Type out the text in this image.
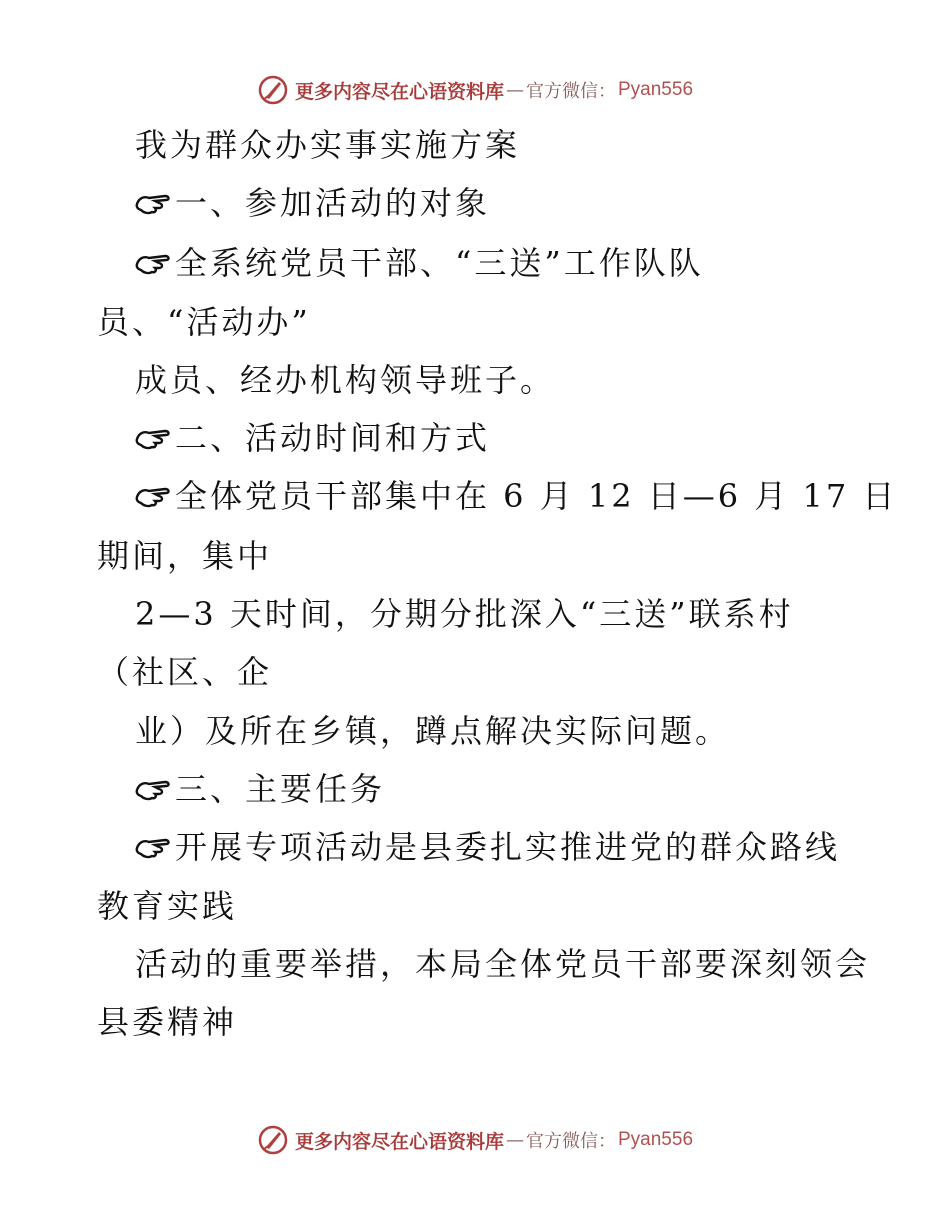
更多内容尽在心语资料库 — 官方微信： Pyan556
我为群众办实事实施方案
一、参加活动的对象
全系统党员干部、“三送”工作队队
员、“活动办”
成员、经办机构领导班子。
二、活动时间和方式
全体党员干部集中在 6 月 12 日—6 月 17 日
期间，集中
2—3 天时间，分期分批深入“三送”联系村
（社区、企
业）及所在乡镇，蹲点解决实际问题。
三、主要任务
开展专项活动是县委扎实推进党的群众路线
教育实践
活动的重要举措，本局全体党员干部要深刻领会
县委精神
更多内容尽在心语资料库 — 官方微信： Pyan556
